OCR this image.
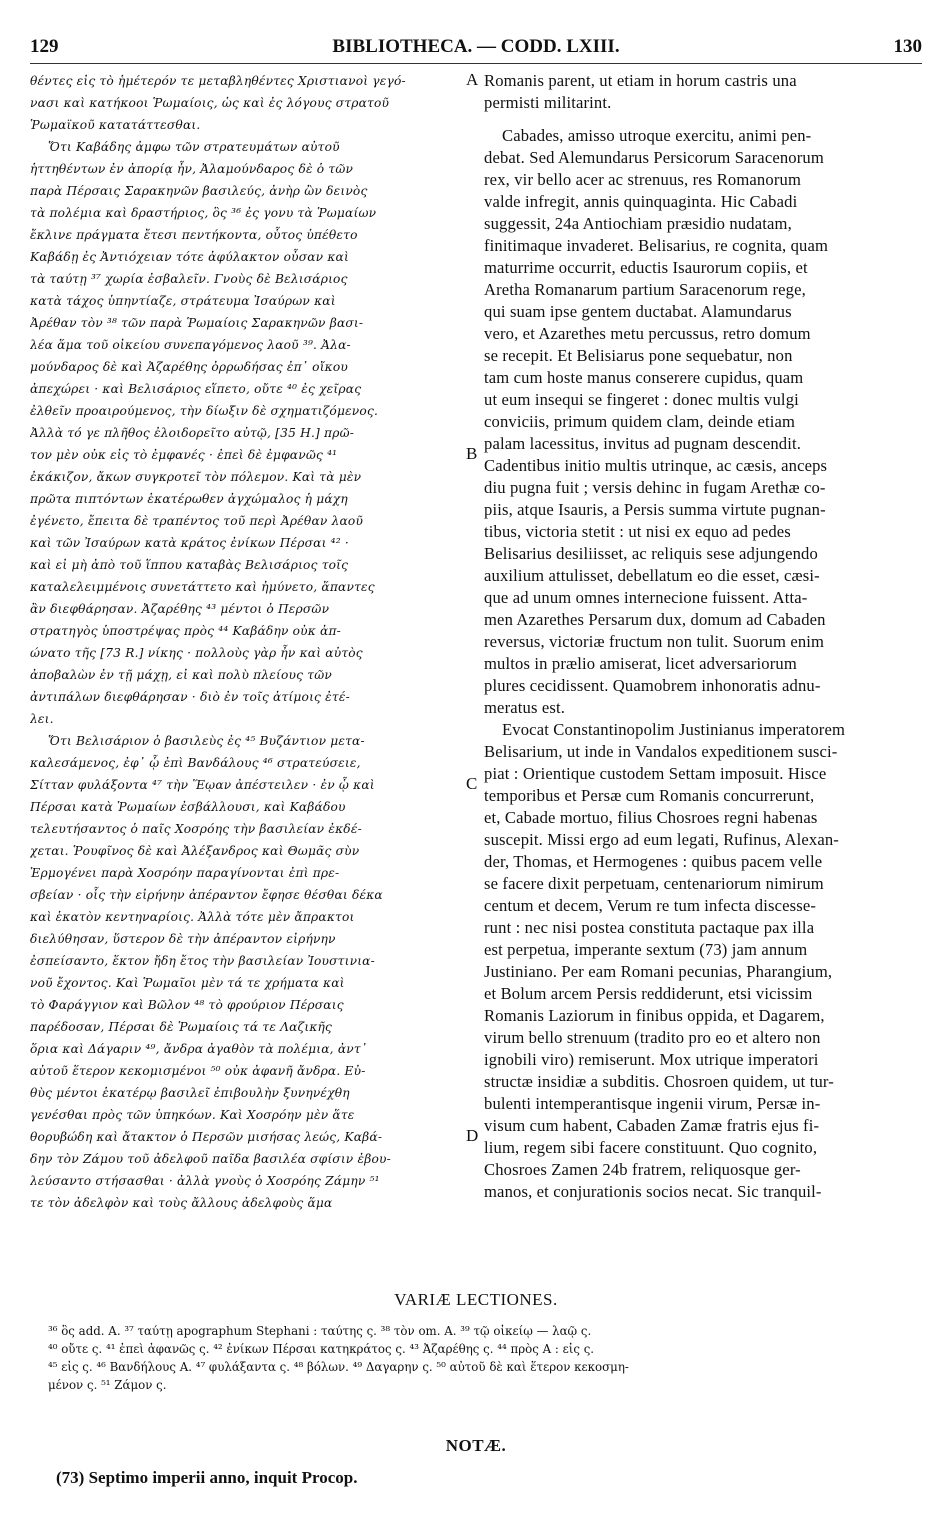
129	BIBLIOTHECA. — CODD. LXIII.	130
θέντες εἰς τὸ ἡμέτερόν τε μεταβληθέντες Χριστιανοὶ γεγό-
νασι καὶ κατήκοοι Ῥωμαίοις, ὡς καὶ ἐς λόγους στρατοῦ
Ῥωμαϊκοῦ κατατάττεσθαι.
Ὅτι Καβάδης ἀμφω τῶν στρατευμάτων αὐτοῦ
ἡττηθέντων ἐν ἀπορίᾳ ἦν, Ἀλαμούνδαρος δὲ ὁ τῶν
παρὰ Πέρσαις Σαρακηνῶν βασιλεύς, ἀνὴρ ὢν δεινὸς
τὰ πολέμια καὶ δραστήριος, ὃς ³⁶ ἐς γονυ τὰ Ῥωμαίων
ἔκλινε πράγματα ἔτεσι πεντήκοντα, οὗτος ὑπέθετο
Καβάδῃ ἐς Ἀντιόχειαν τότε ἀφύλακτον οὖσαν καὶ
τὰ ταύτῃ ³⁷ χωρία ἐσβαλεῖν. Γνοὺς δὲ Βελισάριος
κατὰ τάχος ὑπηντίαζε, στράτευμα Ἰσαύρων καὶ
Ἀρέθαν τὸν ³⁸ τῶν παρὰ Ῥωμαίοις Σαρακηνῶν βασι-
λέα ἅμα τοῦ οἰκείου συνεπαγόμενος λαοῦ ³⁹. Ἀλα-
μούνδαρος δὲ καὶ Ἀζαρέθης ὀρρωδήσας ἐπ᾽ οἴκου
ἀπεχώρει · καὶ Βελισάριος εἵπετο, οὔτε ⁴⁰ ἐς χεῖρας
ἐλθεῖν προαιρούμενος, τὴν δίωξιν δὲ σχηματιζόμενος.
Ἀλλὰ τό γε πλῆθος ἐλοιδορεῖτο αὐτῷ, [35 H.] πρῶ-
τον μὲν οὐκ εἰς τὸ ἐμφανές · ἐπεὶ δὲ ἐμφανῶς ⁴¹
ἐκάκιζον, ἄκων συγκροτεῖ τὸν πόλεμον. Καὶ τὰ μὲν
πρῶτα πιπτόντων ἑκατέρωθεν ἀγχώμαλος ἡ μάχη
ἐγένετο, ἔπειτα δὲ τραπέντος τοῦ περὶ Ἀρέθαν λαοῦ
καὶ τῶν Ἰσαύρων κατὰ κράτος ἐνίκων Πέρσαι ⁴² ·
καὶ εἰ μὴ ἀπὸ τοῦ ἵππου καταβὰς Βελισάριος τοῖς
καταλελειμμένοις συνετάττετο καὶ ἠμύνετο, ἅπαντες
ἂν διεφθάρησαν. Ἀζαρέθης ⁴³ μέντοι ὁ Περσῶν
στρατηγὸς ὑποστρέψας πρὸς ⁴⁴ Καβάδην οὐκ ἀπ-
ώνατο τῆς [73 R.] νίκης · πολλοὺς γὰρ ἦν καὶ αὐτὸς
ἀποβαλὼν ἐν τῇ μάχῃ, εἰ καὶ πολὺ πλείους τῶν
ἀντιπάλων διεφθάρησαν · διὸ ἐν τοῖς ἀτίμοις ἐτέ-
λει.
Ὅτι Βελισάριον ὁ βασιλεὺς ἐς ⁴⁵ Βυζάντιον μετα-
καλεσάμενος, ἐφ᾽ ᾧ ἐπὶ Βανδάλους ⁴⁶ στρατεύσειε,
Σίτταν φυλάξοντα ⁴⁷ τὴν Ἕῳαν ἀπέστειλεν · ἐν ᾧ καὶ
Πέρσαι κατὰ Ῥωμαίων ἐσβάλλουσι, καὶ Καβάδου
τελευτήσαντος ὁ παῖς Χοσρόης τὴν βασιλείαν ἐκδέ-
χεται. Ῥουφῖνος δὲ καὶ Ἀλέξανδρος καὶ Θωμᾶς σὺν
Ἑρμογένει παρὰ Χοσρόην παραγίνονται ἐπὶ πρε-
σβείαν · οἷς τὴν εἰρήνην ἀπέραντον ἔφησε θέσθαι δέκα
καὶ ἑκατὸν κεντηναρίοις. Ἀλλὰ τότε μὲν ἄπρακτοι
διελύθησαν, ὕστερον δὲ τὴν ἀπέραντον εἰρήνην
ἐσπείσαντο, ἕκτον ἤδη ἔτος τὴν βασιλείαν Ἰουστινια-
νοῦ ἔχοντος. Καὶ Ῥωμαῖοι μὲν τά τε χρήματα καὶ
τὸ Φαράγγιον καὶ Βῶλον ⁴⁸ τὸ φρούριον Πέρσαις
παρέδοσαν, Πέρσαι δὲ Ῥωμαίοις τά τε Λαζικῆς
ὅρια καὶ Δάγαριν ⁴⁹, ἄνδρα ἀγαθὸν τὰ πολέμια, ἀντ᾽
αὐτοῦ ἕτερον κεκομισμένοι ⁵⁰ οὐκ ἀφανῆ ἄνδρα. Εὐ-
θὺς μέντοι ἑκατέρῳ βασιλεῖ ἐπιβουλὴν ξυνηνέχθη
γενέσθαι πρὸς τῶν ὑπηκόων. Καὶ Χοσρόην μὲν ἅτε
θορυβώδη καὶ ἄτακτον ὁ Περσῶν μισήσας λεώς, Καβά-
δην τὸν Ζάμου τοῦ ἀδελφοῦ παῖδα βασιλέα σφίσιν ἐβου-
λεύσαντο στήσασθαι · ἀλλὰ γνοὺς ὁ Χοσρόης Ζάμην ⁵¹
τε τὸν ἀδελφὸν καὶ τοὺς ἄλλους ἀδελφοὺς ἅμα
Romanis parent, ut etiam in horum castris una
permisti militarint.
Cabades, amisso utroque exercitu, animi pen-
debat. Sed Alemundarus Persicorum Saracenorum
rex, vir bello acer ac strenuus, res Romanorum
valde infregit, annis quinquaginta. Hic Cabadi
suggessit, 24a Antiochiam præsidio nudatam,
finitimaque invaderet. Belisarius, re cognita, quam
maturrime occurrit, eductis Isaurorum copiis, et
Aretha Romanarum partium Saracenorum rege,
qui suam ipse gentem ductabat. Alamundarus
vero, et Azarethes metu percussus, retro domum
se recepit. Et Belisiarus pone sequebatur, non
tam cum hoste manus conserere cupidus, quam
ut eum insequi se fingeret : donec multis vulgi
conviciis, primum quidem clam, deinde etiam
palam lacessitus, invitus ad pugnam descendit.
Cadentibus initio multis utrinque, ac cæsis, anceps
diu pugna fuit ; versis dehinc in fugam Arethæ co-
piis, atque Isauris, a Persis summa virtute pugnan-
tibus, victoria stetit : ut nisi ex equo ad pedes
Belisarius desiliisset, ac reliquis sese adjungendo
auxilium attulisset, debellatum eo die esset, cæsi-
que ad unum omnes internecione fuissent. Atta-
men Azarethes Persarum dux, domum ad Cabaden
reversus, victoriæ fructum non tulit. Suorum enim
multos in prælio amiserat, licet adversariorum
plures cecidissent. Quamobrem inhonoratis adnu-
meratus est.
Evocat Constantinopolim Justinianus imperatorem
Belisarium, ut inde in Vandalos expeditionem susci-
piat : Orientique custodem Settam imposuit. Hisce
temporibus et Persæ cum Romanis concurrerunt,
et, Cabade mortuo, filius Chosroes regni habenas
suscepit. Missi ergo ad eum legati, Rufinus, Alexan-
der, Thomas, et Hermogenes : quibus pacem velle
se facere dixit perpetuam, centenariorum nimirum
centum et decem, Verum re tum infecta discesse-
runt : nec nisi postea constituta pactaque pax illa
est perpetua, imperante sextum (73) jam annum
Justiniano. Per eam Romani pecunias, Pharangium,
et Bolum arcem Persis reddiderunt, etsi vicissim
Romanis Laziorum in finibus oppida, et Dagarem,
virum bello strenuum (tradito pro eo et altero non
ignobili viro) remiserunt. Mox utrique imperatori
structæ insidiæ a subditis. Chosroen quidem, ut tur-
bulenti intemperantisque ingenii virum, Persæ in-
visum cum habent, Cabaden Zamæ fratris ejus fi-
lium, regem sibi facere constituunt. Quo cognito,
Chosroes Zamen 24b fratrem, reliquosque ger-
manos, et conjurationis socios necat. Sic tranquil-
A
B
C
D
VARIÆ LECTIONES.
³⁶ ὃς add. A. ³⁷ ταύτῃ apographum Stephani : ταύτης ς. ³⁸ τὸν om. A. ³⁹ τῷ οἰκείῳ — λαῷ ς.
⁴⁰ οὔτε ς. ⁴¹ ἐπεὶ ἀφανῶς ς. ⁴² ἐνίκων Πέρσαι κατηκράτος ς. ⁴³ Ἀζαρέθης ς. ⁴⁴ πρὸς A : εἰς ς.
⁴⁵ εἰς ς. ⁴⁶ Βανδήλους A. ⁴⁷ φυλάξαντα ς. ⁴⁸ βόλων. ⁴⁹ Δαγαρην ς. ⁵⁰ αὐτοῦ δὲ καὶ ἕτερον κεκοσμη-
μένον ς. ⁵¹ Ζάμον ς.
NOTÆ.
(73) Septimo imperii anno, inquit Procop.
